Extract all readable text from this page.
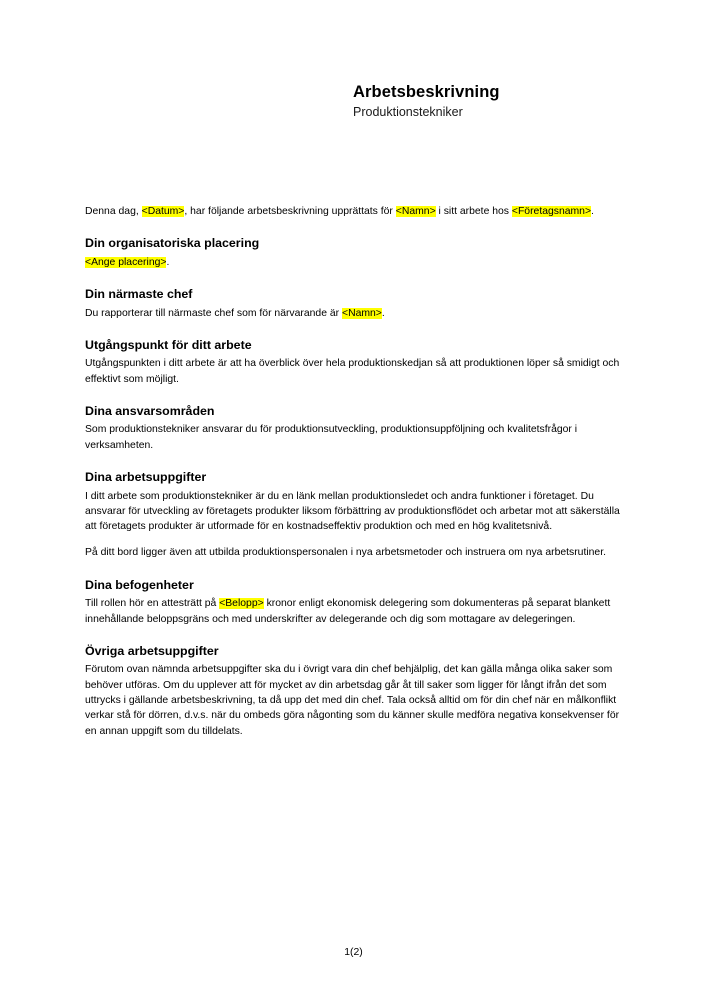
Arbetsbeskrivning
Produktionstekniker

Denna dag, <Datum>, har följande arbetsbeskrivning upprättats för <Namn> i sitt arbete hos <Företagsnamn>.

Din organisatoriska placering

<Ange placering>.

Din närmaste chef

Du rapporterar till närmaste chef som för närvarande är <Namn>.

Utgångspunkt för ditt arbete

Utgångspunkten i ditt arbete är att ha överblick över hela produktionskedjan så att produktionen löper så smidigt och effektivt som möjligt.

Dina ansvarsområden

Som produktionstekniker ansvarar du för produktionsutveckling, produktionsuppföljning och kvalitetsfrågor i verksamheten.

Dina arbetsuppgifter

I ditt arbete som produktionstekniker är du en länk mellan produktionsledet och andra funktioner i företaget. Du ansvarar för utveckling av företagets produkter liksom förbättring av produktionsflödet och arbetar mot att säkerställa att företagets produkter är utformade för en kostnadseffektiv produktion och med en hög kvalitetsnivå.

På ditt bord ligger även att utbilda produktionspersonalen i nya arbetsmetoder och instruera om nya arbetsrutiner.

Dina befogenheter

Till rollen hör en attesträtt på <Belopp> kronor enligt ekonomisk delegering som dokumenteras på separat blankett innehållande beloppsgräns och med underskrifter av delegerande och dig som mottagare av delegeringen.

Övriga arbetsuppgifter

Förutom ovan nämnda arbetsuppgifter ska du i övrigt vara din chef behjälplig, det kan gälla många olika saker som behöver utföras. Om du upplever att för mycket av din arbetsdag går åt till saker som ligger för långt ifrån det som uttrycks i gällande arbetsbeskrivning, ta då upp det med din chef. Tala också alltid om för din chef när en målkonflikt verkar stå för dörren, d.v.s. när du ombeds göra någonting som du känner skulle medföra negativa konsekvenser för en annan uppgift som du tilldelats.

1(2)
